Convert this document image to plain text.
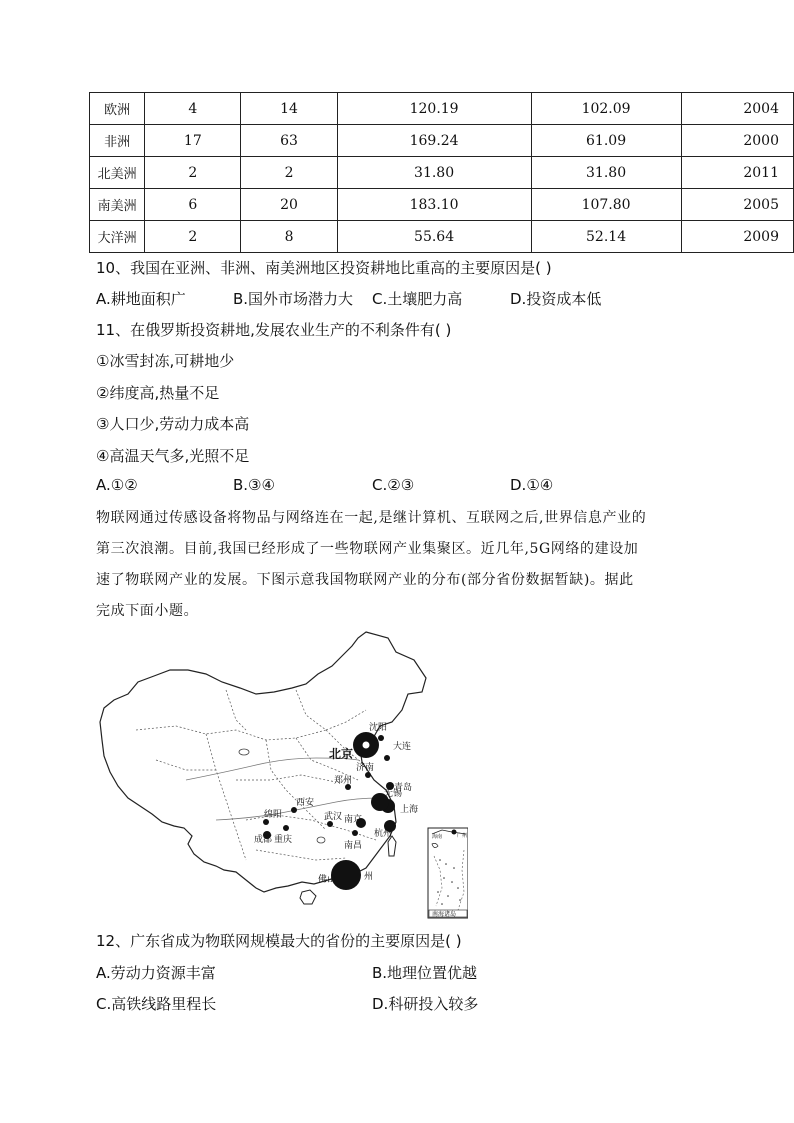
欧洲	4	14	120.19	102.09	2004
非洲	17	63	169.24	61.09	2000
北美洲	2	2	31.80	31.80	2011
南美洲	6	20	183.10	107.80	2005
大洋洲	2	8	55.64	52.14	2009
10、我国在亚洲、非洲、南美洲地区投资耕地比重高的主要原因是( )
A.耕地面积广	B.国外市场潜力大 C.土壤肥力高	D.投资成本低
11、在俄罗斯投资耕地,发展农业生产的不利条件有( )
①冰雪封冻,可耕地少
②纬度高,热量不足
③人口少,劳动力成本高
④高温天气多,光照不足
A.①②	B.③④	C.②③	D.①④
物联网通过传感设备将物品与网络连在一起,是继计算机、互联网之后,世界信息产业的
第三次浪潮。目前,我国已经形成了一些物联网产业集聚区。近几年,5G网络的建设加
速了物联网产业的发展。下图示意我国物联网产业的分布(部分省份数据暂缺)。据此
完成下面小题。
沈阳
北京	大连
济南
青岛
郑州
无锡
西安
绵阳	上海
武汉 南京
成都 重庆
杭州
南昌
佛山	州
海南	广州
南海诸岛
12、广东省成为物联网规模最大的省份的主要原因是( )
A.劳动力资源丰富	B.地理位置优越
C.高铁线路里程长	D.科研投入较多
